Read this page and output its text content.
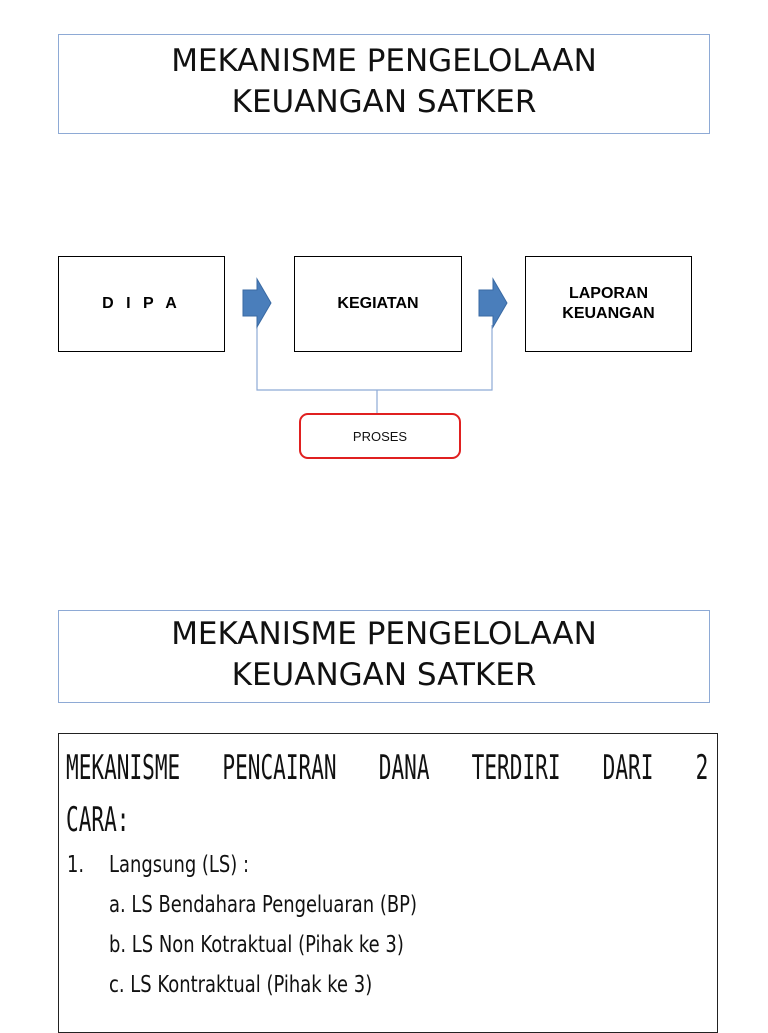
MEKANISME PENGELOLAAN
KEUANGAN SATKER
D I P A	KEGIATAN
LAPORAN
KEUANGAN
PROSES
MEKANISME PENGELOLAAN
KEUANGAN SATKER
MEKANISME PENCAIRAN DANA TERDIRI DARI 2
CARA:
1. Langsung (LS) :
a. LS Bendahara Pengeluaran (BP)
b. LS Non Kotraktual (Pihak ke 3)
c. LS Kontraktual (Pihak ke 3)
